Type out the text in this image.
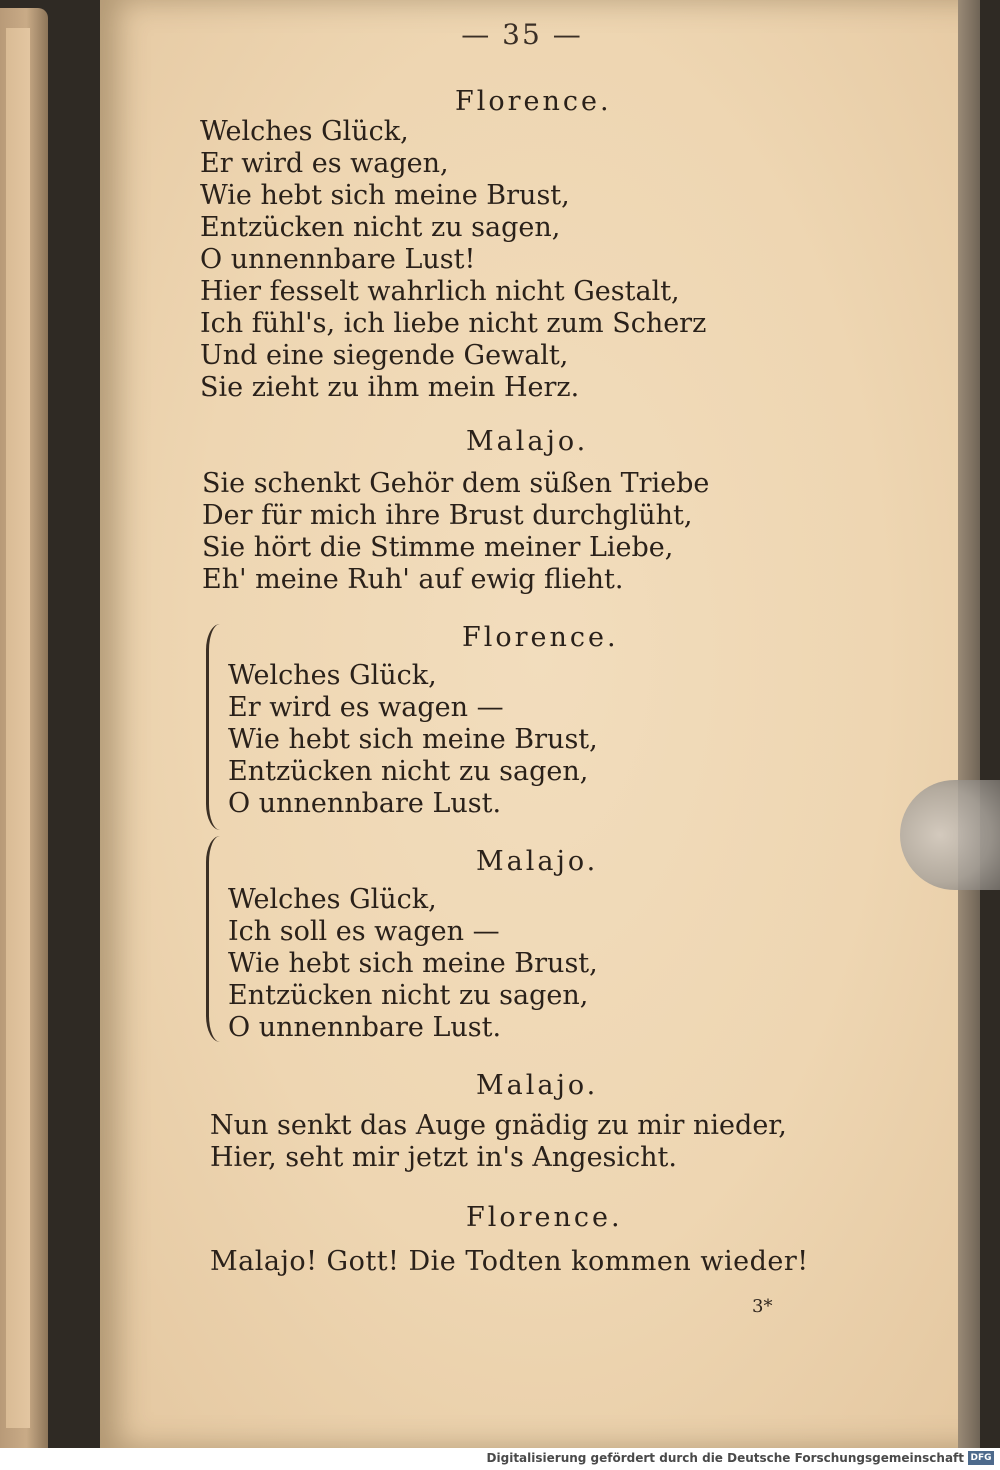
— 35 —
Florence.
Welches Glück,
Er wird es wagen,
Wie hebt sich meine Brust,
Entzücken nicht zu sagen,
O unnennbare Lust!
Hier fesselt wahrlich nicht Gestalt,
Ich fühl's, ich liebe nicht zum Scherz
Und eine siegende Gewalt,
Sie zieht zu ihm mein Herz.
Malajo.
Sie schenkt Gehör dem süßen Triebe
Der für mich ihre Brust durchglüht,
Sie hört die Stimme meiner Liebe,
Eh' meine Ruh' auf ewig flieht.
Florence.
Welches Glück,
Er wird es wagen —
Wie hebt sich meine Brust,
Entzücken nicht zu sagen,
O unnennbare Lust.
Malajo.
Welches Glück,
Ich soll es wagen —
Wie hebt sich meine Brust,
Entzücken nicht zu sagen,
O unnennbare Lust.
Malajo.
Nun senkt das Auge gnädig zu mir nieder,
Hier, seht mir jetzt in's Angesicht.
Florence.
Malajo! Gott! Die Todten kommen wieder!
3*
Digitalisierung gefördert durch die Deutsche Forschungsgemeinschaft DFG
